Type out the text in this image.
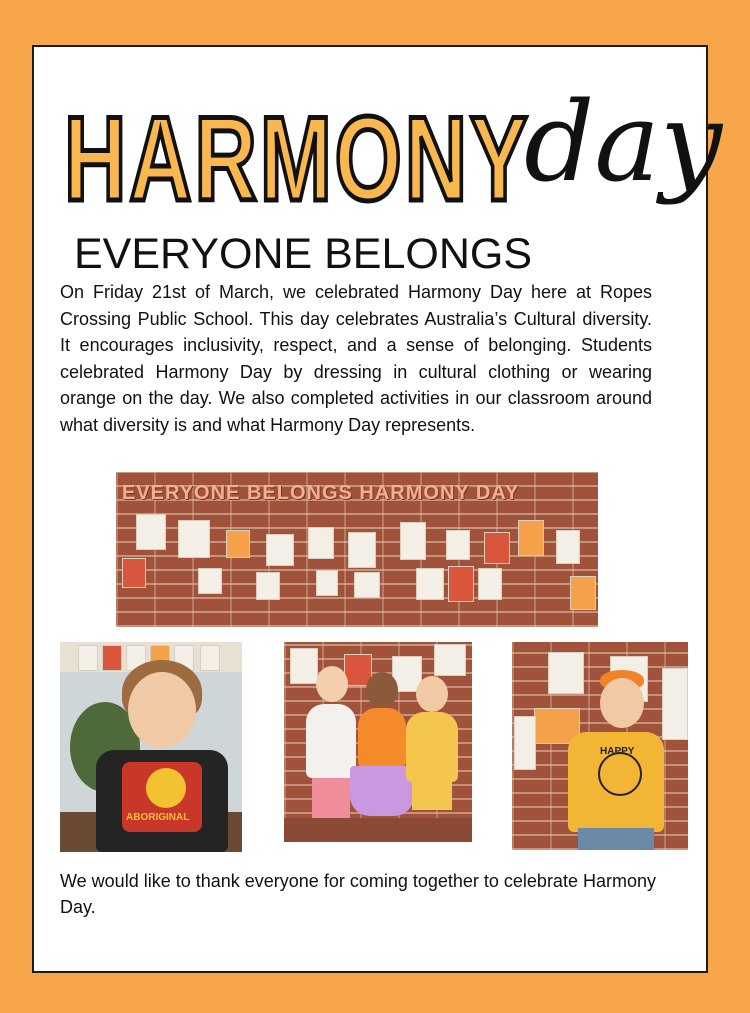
HARMONY
day
EVERYONE BELONGS

On Friday 21st of March, we celebrated Harmony Day here at Ropes Crossing Public School. This day celebrates Australia’s Cultural diversity. It encourages inclusivity, respect, and a sense of belonging. Students celebrated Harmony Day by dressing in cultural clothing or wearing orange on the day. We also completed activities in our classroom around what diversity is and what Harmony Day represents.

EVERYONE BELONGS HARMONY DAY
ABORIGINAL
HAPPY

We would like to thank everyone for coming together to celebrate Harmony Day.
